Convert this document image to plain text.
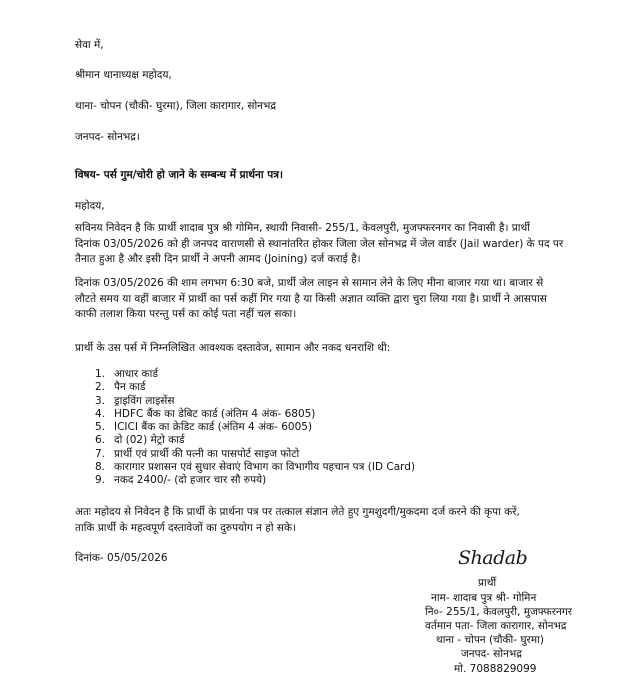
सेवा में,
श्रीमान थानाध्यक्ष महोदय,
थाना- चोपन (चौकी- घुरमा), जिला कारागार, सोनभद्र
जनपद- सोनभद्र।
विषय- पर्स गुम/चोरी हो जाने के सम्बन्ध में प्रार्थना पत्र।
महोदय,
सविनय निवेदन है कि प्रार्थी शादाब पुत्र श्री गोमिन, स्थायी निवासी- 255/1, केवलपुरी, मुजफ्फरनगर का निवासी है। प्रार्थी
दिनांक 03/05/2026 को ही जनपद वाराणसी से स्थानांतरित होकर जिला जेल सोनभद्र में जेल वार्डर (Jail warder) के पद पर
तैनात हुआ है और इसी दिन प्रार्थी ने अपनी आमद (Joining) दर्ज कराई है।
दिनांक 03/05/2026 की शाम लगभग 6:30 बजे, प्रार्थी जेल लाइन से सामान लेने के लिए मीना बाजार गया था। बाजार से
लौटते समय या वहीं बाजार में प्रार्थी का पर्स कहीं गिर गया है या किसी अज्ञात व्यक्ति द्वारा चुरा लिया गया है। प्रार्थी ने आसपास
काफी तलाश किया परन्तु पर्स का कोई पता नहीं चल सका।
प्रार्थी के उस पर्स में निम्नलिखित आवश्यक दस्तावेज, सामान और नकद धनराशि थी:
1. आधार कार्ड
2. पैन कार्ड
3. ड्राइविंग लाइसेंस
4. HDFC बैंक का डेबिट कार्ड (अंतिम 4 अंक- 6805)
5. ICICI बैंक का क्रेडिट कार्ड (अंतिम 4 अंक- 6005)
6. दो (02) मेट्रो कार्ड
7. प्रार्थी एवं प्रार्थी की पत्नी का पासपोर्ट साइज फोटो
8. कारागार प्रशासन एवं सुधार सेवाएं विभाग का विभागीय पहचान पत्र (ID Card)
9. नकद 2400/- (दो हजार चार सौ रुपये)
अतः महोदय से निवेदन है कि प्रार्थी के प्रार्थना पत्र पर तत्काल संज्ञान लेते हुए गुमशुदगी/मुकदमा दर्ज करने की कृपा करें,
ताकि प्रार्थी के महत्वपूर्ण दस्तावेजों का दुरुपयोग न हो सके।
दिनांक- 05/05/2026	Shadab
प्रार्थी
नाम- शादाब पुत्र श्री- गोमिन
नि०- 255/1, केवलपुरी, मुजफ्फरनगर
वर्तमान पता- जिला कारागार, सोनभद्र
थाना - चोपन (चौकी- घुरमा)
जनपद- सोनभद्र
मो. 7088829099
